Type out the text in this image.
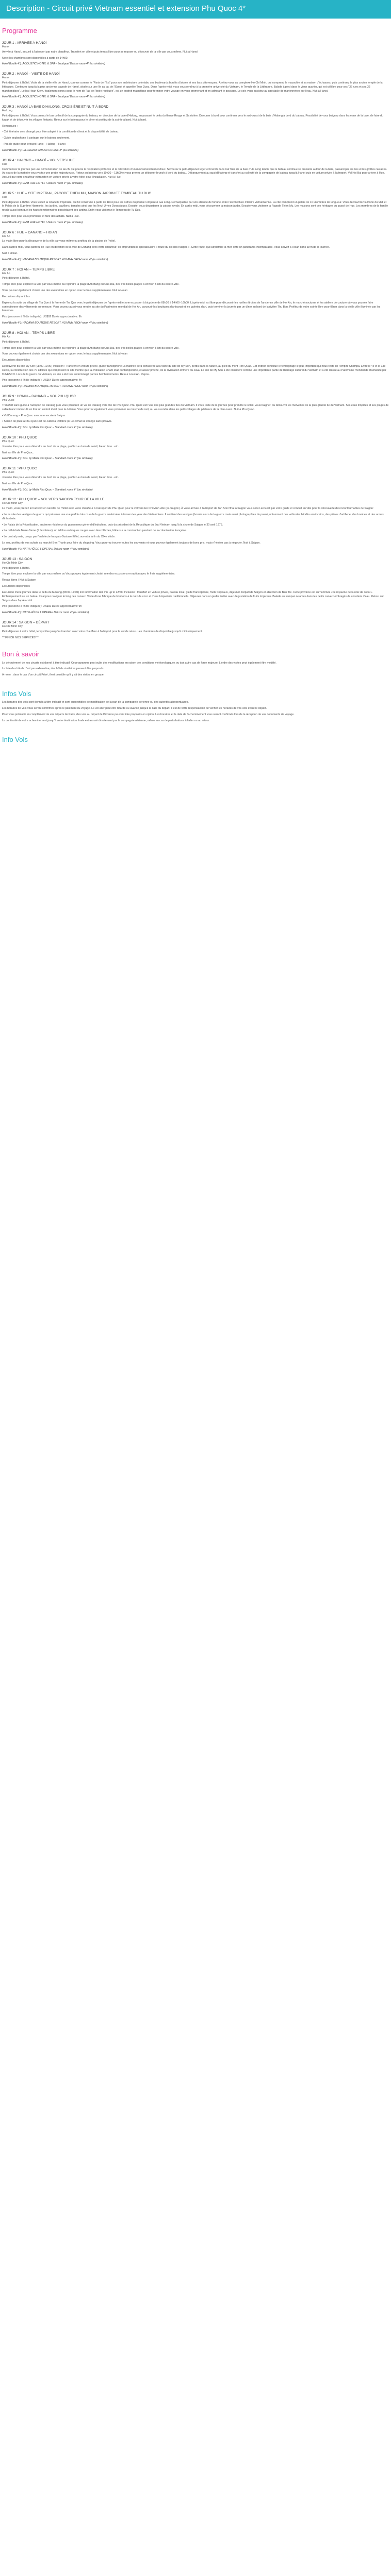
Description - Circuit privé Vietnam essentiel et extension Phu Quoc 4*
Programme
JOUR 1 : ARRIVÉE À HANOÏ
Hanoi

Arrivée à Hanoï, accueil à l'aéroport par notre chauffeur. Transfert en ville et puis temps libre pour se reposer ou découvrir de la ville par vous-même. Nuit à Hanoï

Note: les chambres sont disponibles à partir de 14h00.

Hotel Boutik 4*): ACOUSTIC HOTEL & SPA – boutique/ Deluxe room 4* (ou similaire)
JOUR 2 : HANOÏ – VISITE DE HANOÏ
Hanoi

Petit-déjeuner à l'hôtel. Visite de la vieille ville de Hanoï, connue comme le "Paris de l'Est" pour son architecture coloniale, ses boulevards bordés d'arbres et ses lacs pittoresques. Arrêtez-vous au complexe Ho Chi Minh, qui comprend le mausolée et sa maison d'échasses, puis continuez le plus ancien temple de la littérature. Continuez jusqu'à la plus ancienne pagode de Hanoï, située sur une île au lac de l'Ouest et appelée Tran Quoc. Dans l'après-midi, vous vous rendrez à la première université du Vietnam, le Temple de la Littérature. Balade à pied dans le vieux quartier, qui est célèbre pour ses "36 rues et ses 36 marchandises". Le lac Hoan Kiem, également connu sous le nom de "lac de l'épée restituée", est un endroit magnifique pour terminer votre voyage en vous promenant et en admirant le paysage. Le soir, vous assistez au spectacle de marionnettes sur l'eau. Nuit à Hanoi.

Hotel Boutik 4*): ACOUSTIC HOTEL & SPA – boutique/ Deluxe room 4* (ou similaire)
JOUR 3 : HANOÏ LA BAIE D'HALONG, CROISIÈRE ET NUIT À BORD
Ha Long

Petit-déjeuner à l'hôtel. Vous prenez le bus collectif de la compagnie du bateau, en direction de la baie d'Halong, en passant le delta du fleuve Rouge et Sa rizière. Déjeuner à bord pour continuer vers le sud-ouest de la baie d'Halong à bord du bateau. Possibilité de vous baignez dans les eaux de la baie, de faire du kayak et de découvrir les villages flottants. Retour sur le bateau pour le dîner et profitez de la soirée à bord. Nuit à bord.

Remarques :

- Cet itinéraire sera changé pour être adapté à la condition de climat et la disponibilité de bateau.

- Guide anglophone à partager sur le bateau seulement.

- Pas de guide pour le trajet Hanoi – Halong – Hanoi

Hotel Boutik 4*): LA REGINA GRAND CRUISE 4* (ou similaire)
JOUR 4 : HALONG – HANOÏ – VOL VERS HUE
Hue

Commencez la journée par une démonstration de tai-chi qui pourra la respiration profonde et la relaxation d'un mouvement lent et doux. Savourez le petit-déjeuner léger et brunch dans l'air frais de la baie d'Ha Long tandis que le bateau continue sa croisière autour de la baie, passant par les îles et les grottes calcaires. Au cours de la matinée vous visitez une grotte majestueuse. Retour au bateau vers 10h30 – 11h00 et vous prenez un déjeuner-brunch à bord du bateau. Débarquement au quai d'Halong et transfert au collectif de la compagnie de bateau jusqu'à Hanoi puis en voiture privée à l'aéroport. Vol Noi Bai pour arriver à Hue. Accueil par votre chauffeur et transfert en voiture privée à votre hôtel pour l'installation. Nuit à Hue.

Hotel Boutik 4*): EMM HUE HOTEL / Deluxe room 4* (ou similaire)
JOUR 5 : HUE – CITE IMPERIAL, PAGODE THIEN MU, MAISON JARDIN ET TOMBEAU TU DUC
Hue

Petit-déjeuner à l'hôtel. Vous visitez la Citadelle Impériale, qui fut construite à partir de 1804 pour les ordres du premier empereur Gia Long. Remarquable par son alliance de fortune entre l'architecture militaire vietnamienne. La cité comprend un palais de 10 kilomètres de longueur. Vous découvrirez la Porte du Midi et le Palais de la Suprême Harmonie, les jardins, pavillons, temples ainsi que les Neuf Urnes Dynastiques. Ensuite, vous dégusterez la cuisine royale. En après-midi, vous découvrirez la maison-jardin. Ensuite vous visiterez la Pagode Thien Mu. Les maisons sont des héritages du passé de Hue. Les membres de la famille royale aussi bien que les hauts fonctionnaires possédaient des jardins. Enfin vous visiterez le Tombeau de Tu Duc.

Temps libre pour vous promener et faire des achats. Nuit à Hue.

Hotel Boutik 4*): EMM HUE HOTEL / Deluxe room 4* (ou similaire)
JOUR 6 : HUE – DANANG – HOIAN
Hôi An

La matin libre pour la découverte de la ville par vous-même ou profitez de la piscine de l'hôtel.

Dans l'après-midi, vous partirez de Hue en direction de la ville de Danang avec votre chauffeur, en empruntant le spectaculaire « route du col des nuages ». Cette route, qui surplombe la mer, offre un panorama incomparable. Vous arrivez à Hoian dans la fin de la journée.

Nuit à Hoian.

Hotel Boutik 4*): HADANA BOUTIQUE RESORT HOI ANH / ROH room 4* (ou similaire)
JOUR 7 : HOI AN – TEMPS LIBRE
Hôi An

Petit-déjeuner à l'hôtel.

Temps libre pour explorer la ville par vous-même ou rejoindre la plage d'An Bang ou Cua Dai, des très belles plages à environ 5 km du centre-ville.

Vous pouvez également choisir une des excursions en option avec le frais supplémentaire. Nuit à Hoian

Excursions disponibles

Explorez la suite du village de Tra Que à la ferme de Tra Que avec le petit-déjeuner de l'après-midi et une excursion à bicyclette de 08h30 à 14h00 -16h00. L'après-midi est libre pour découvrir les ruelles étroites de l'ancienne ville de Hoi An, le marché nocturne et les ateliers de couture où vous pourrez faire confectionner des vêtements sur mesure. Vous pouvez aussi vous rendre au site du Patrimoine mondial de Hoi An, parcourir les boutiques d'artisanat et les galeries d'art, puis terminer la journée par un dîner au bord de la rivière Thu Bon. Profitez de votre soirée libre pour flâner dans la vieille ville illuminée par les lanternes.

Prix (personne à l'hôte indiquée): US$92 Durée approximative: 9h

Hotel Boutik 4*): HADANA BOUTIQUE RESORT HOI ANH / ROH room 4* (ou similaire)
JOUR 8 : HOI AN – TEMPS LIBRE
Hôi An

Petit-déjeuner à l'hôtel.

Temps libre pour explorer la ville par vous-même ou rejoindre la plage d'An Bang ou Cua Dai, des très belles plages à environ 5 km du centre-ville.

Vous pouvez également choisir une des excursions en option avec le frais supplémentaire. Nuit à Hoian

Excursions disponibles

Découverte du site My Son (08:00-12:00) Inclusion : Transfert en voiture privée, guide francophone La matinée sera consacrée à la visite du site de My Son, perdu dans la nature, au pied du mont Hon Quap. Cet endroit constitue le témoignage le plus important qui nous reste de l'empire Champa. Entre le 4e et le 13e siècle, la construction des 70 édifices qui composent ce site montre que la civilisation Cham était contemporaine, et assez proche, de la civilisation khmère ou Java. Le site de My Son a été considéré comme une importante partie de l'héritage culturel du Vietnam et a été classé au Patrimoine mondial de l'humanité par l'UNESCO. Lors de la guerre du Vietnam, ce site a été très endommagé par les bombardements. Retour à Hoi An. Repos.

Prix (personne à l'hôte indiquée): US$54 Durée approximative: 4h

Hotel Boutik 4*): HADANA BOUTIQUE RESORT HOI ANH / ROH room 4* (ou similaire)
JOUR 9 : HOIAN – DANANG – VOL PHU QUOC
Phu Quoc

Transfert sans guide à l'aéroport de Danang puis vous prendrez un vol de Danang vers l'île de Phu Quoc. Phu Quoc est l'une des plus grandes îles du Vietnam. Il vous reste de la journée pour prendre le soleil, vous baigner, ou découvrir les merveilles de la plus grande île du Vietnam. Ses eaux limpides et ses plages de sable blanc immaculé en font un endroit idéal pour la détente. Vous pourrez également vous promener au marché de nuit, ou vous rendre dans les petits villages de pêcheurs de la côte ouest. Nuit à Phu Quoc.

• Vol Danang – Phu Quoc avec une escale à Saigon

• Saison de pluie à Phu Quoc est de Juillet à Octobre (si Le climat se change sans préavis.

Hotel Boutik 4*): SOL by Melia Phu Quoc – Standard room 4* (ou similaire)
JOUR 10 : PHU QUOC
Phu Quoc

Journée libre pour vous détendre au bord de la plage, profitez au bain de soleil, lire un livre...etc.

Nuit sur l'île de Phu Quoc.

Hotel Boutik 4*): SOL by Melia Phu Quoc – Standard room 4* (ou similaire)
JOUR 11 : PHU QUOC
Phu Quoc

Journée libre pour vous détendre au bord de la plage, profitez au bain de soleil, lire un livre...etc.

Nuit sur l'île de Phu Quoc.

Hotel Boutik 4*): SOL by Melia Phu Quoc – Standard room 4* (ou similaire)
JOUR 12 : PHU QUOC – VOL VERS SAIGON/ TOUR DE LA VILLE
Ho Chi Minh City

La matin, vous prenez le transfert en navette de l'hôtel avec votre chauffeur à l'aéroport de Phu Quoc pour le vol vers Ho Chi Minh ville (ex-Saigon). À votre arrivée à l'aéroport de Tan Son Nhat à Saigon vous serez accueilli par votre guide et conduit en ville pour la découverte des incontournables de Saigon:

• Le musée des vestiges de guerre qui présente une vue parfois très crue de la guerre américaine à travers les yeux des Vietnamiens. Il contient des vestiges (hormis ceux de la guerre mais aussi photographies du passé, notamment des véhicules blindés américains, des pièces d'artillerie, des bombes et des armes d'infanterie.

• Le Palais de la Réunification, ancienne résidence du gouverneur général d'Indochine, puis du président de la République du Sud Vietnam jusqu'à la chute de Saigon le 30 avril 1975.

• La cathédrale Notre-Dame (à l'extérieur), un édifice en briques rouges avec deux flèches, bâtie sur la construction pendant de la colonisation française.

• Le central poste, conçu par l'architecte français Gustave Eiffel, ouvert à la fin du XIXe siècle.

Le soir, profitez de vos achats au marché Ben Thanh pour faire du shopping. Vous pourrez trouver toutes les souvenirs et vous pouvez également toujours de bons prix, mais n'hésitez pas à négocier. Nuit à Saigon.

Hotel Boutik 4*): NATH HÔ DE L'OPERA / Deluxe room 4* (ou similaire)
JOUR 13 : SAIGON
Ho Chi Minh City

Petit-déjeuner à l'hôtel.

Temps libre pour explorer la ville par vous-même ou Vous pouvez également choisir une des excursions en option avec le frais supplémentaire.

Repas libres / Nuit à Saigon

Excursions disponibles

Excursion d'une journée dans le delta du Mékong (08:00-17:00) incl information deil this up to 22h00 Inclusion : transfert en voiture privée, bateau local, guide francophone, fruits tropicaux, déjeuner. Départ de Saigon en direction de Ben Tre. Cette province est surnommée « le royaume de la noix de coco ». Embarquement sur un bateau local pour naviguer le long des canaux. Visite d'une fabrique de bonbons à la noix de coco et d'une briqueterie traditionnelle. Déjeuner dans un jardin fruitier avec dégustation de fruits tropicaux. Balade en sampan à rames dans les petits canaux ombragés de cocotiers d'eau. Retour sur Saigon dans l'après-midi.

Prix (personne à l'hôte indiquée): US$92 Durée approximative: 9h

Hotel Boutik 4*): NATH HÔ DE L'OPERA / Deluxe room 4* (ou similaire)
JOUR 14 : SAIGON – DÉPART
Ho Chi Minh City

Petit-déjeuner à votre hôtel, temps libre jusqu'au transfert avec votre chauffeur à l'aéroport pour le vol de retour. Les chambres de disponible jusqu'à midi uniquement.

***FIN DE NOS SERVICES***

Bon à savoir

Le déroulement de nos circuits est donné à titre indicatif. Ce programme peut subir des modifications en raison des conditions météorologiques ou tout autre cas de force majeure. L'ordre des visites peut également être modifié.

La liste des hôtels n'est pas exhaustive, des hôtels similaires peuvent être proposés.

À noter : dans le cas d'un circuit Privé, il est possible qu'il y ait des visites en groupe.

Infos Vols

Les horaires des vols sont donnés à titre indicatif et sont susceptibles de modification de la part de la compagnie aérienne ou des autorités aéroportuaires.

Les horaires de vols vous seront confirmés après le paiement du voyage. Le vol aller peut être retardé ou avancé jusqu'à la date du départ. Il est de votre responsabilité de vérifier les horaires de vos vols avant le départ.

Pour vous prémunir en complément de vos départs de Paris, des vols au départ de Province peuvent être proposés en option. Les horaires et la date de l'acheminement vous seront confirmés lors de la réception de vos documents de voyage.

La continuité de votre acheminement jusqu'à votre destination finale est assuré directement par la compagnie aérienne, même en cas de perturbations à l'aller ou au retour.

Info Vols
